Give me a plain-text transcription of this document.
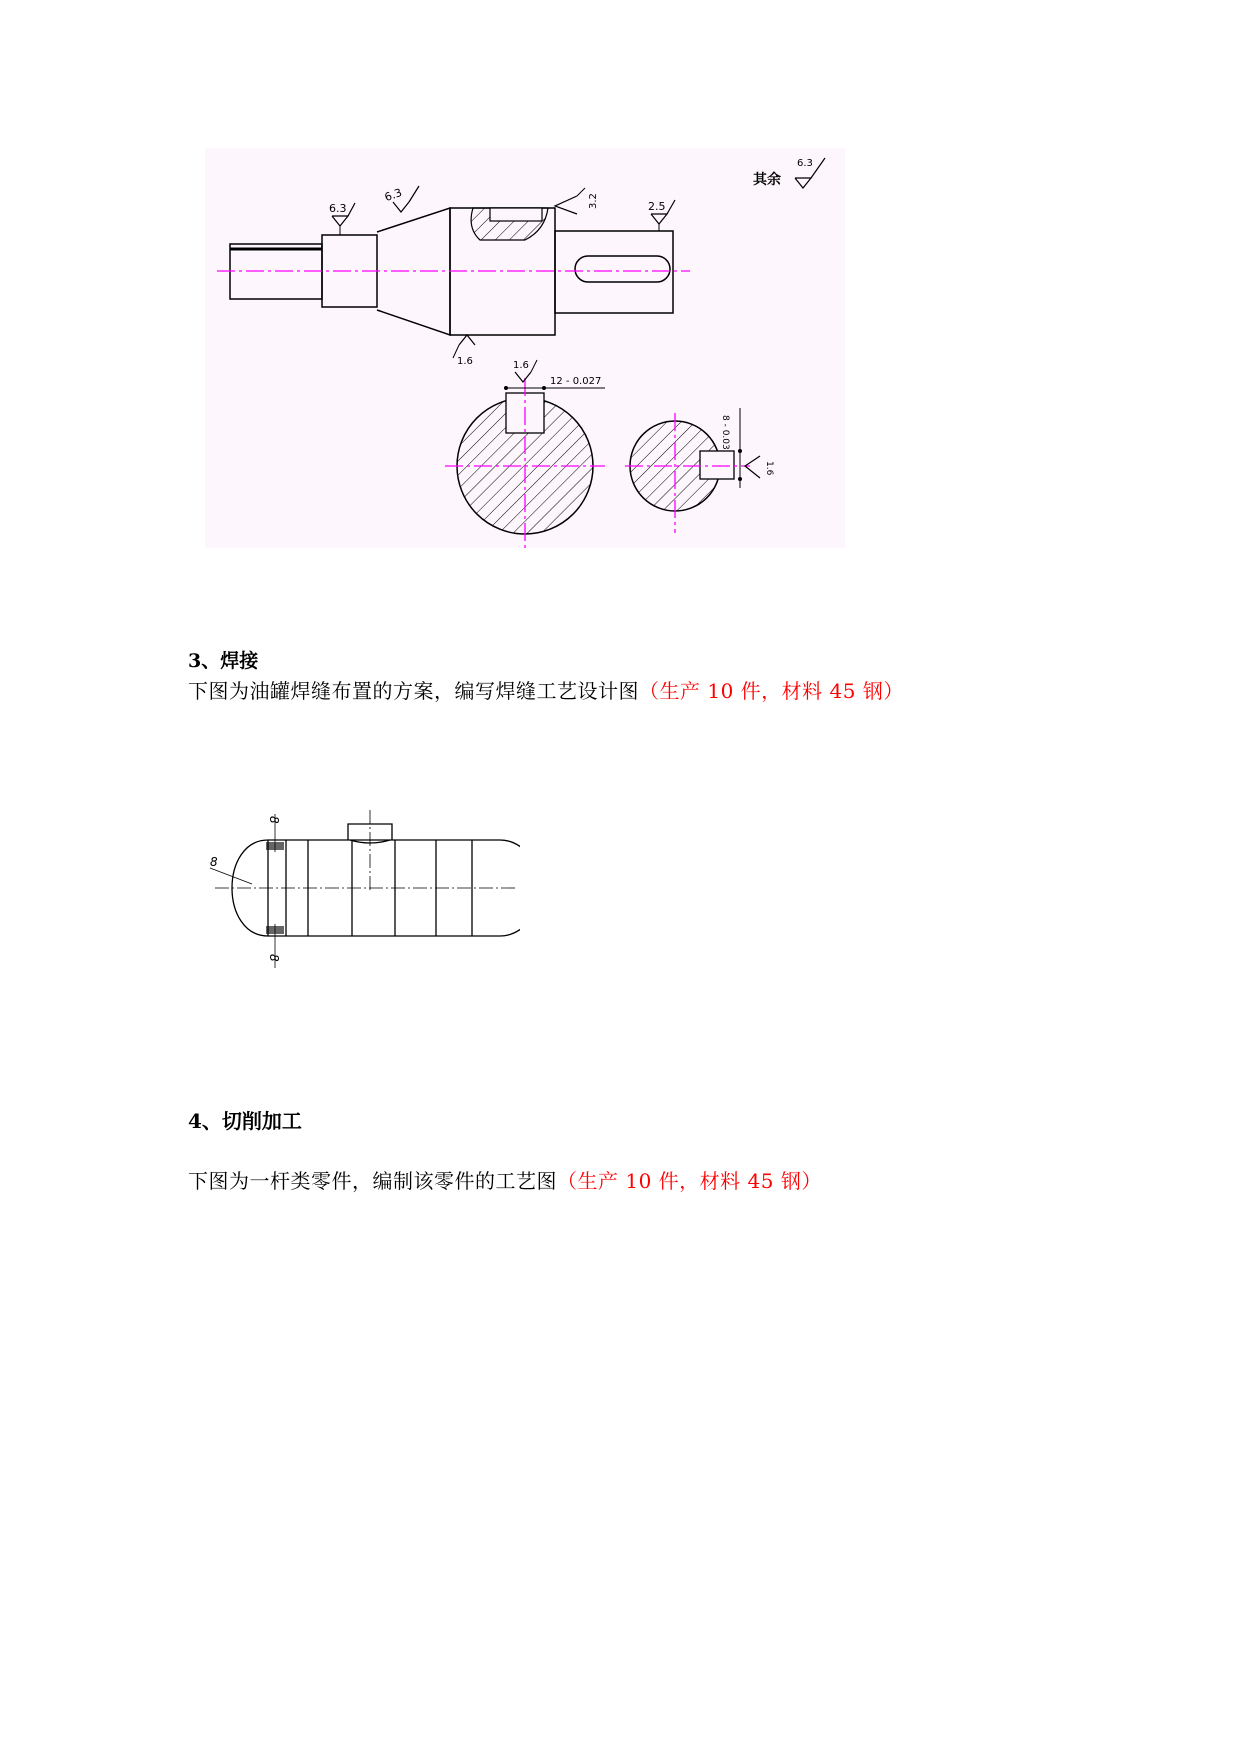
6.3
6.3	3.2	2.5
1.6
其余
6.3
1.6
12 - 0.027
8 - 0.03
1.6
3、焊接
下图为油罐焊缝布置的方案，编写焊缝工艺设计图（生产 10 件，材料 45 钢）
8
8
8
4、切削加工
下图为一杆类零件，编制该零件的工艺图（生产 10 件，材料 45 钢）
